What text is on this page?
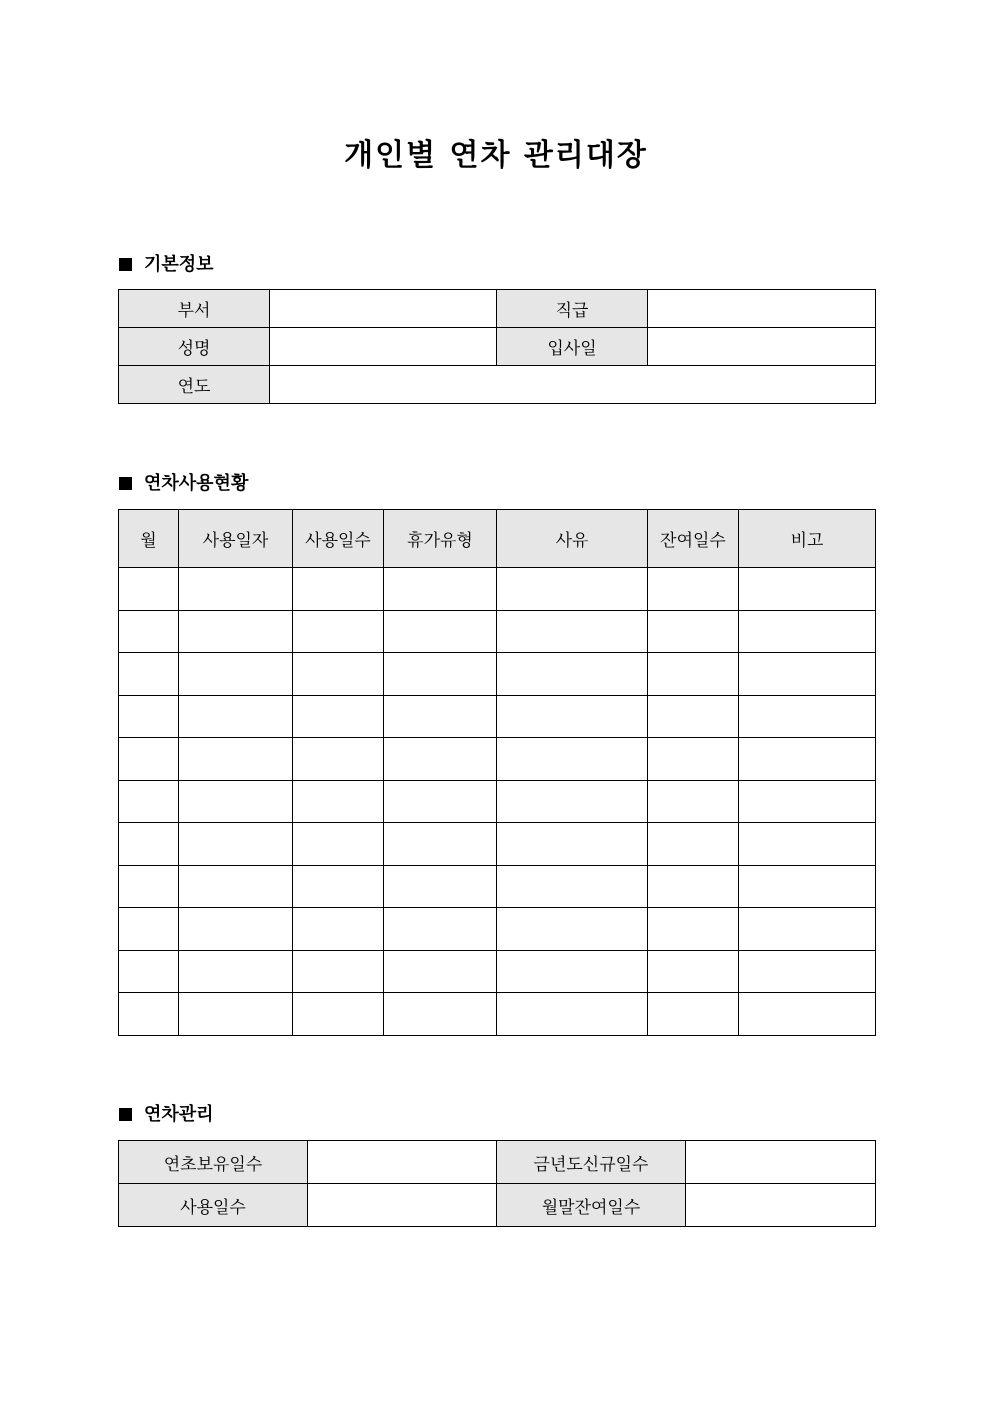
개인별 연차 관리대장
기본정보
부서		직급	
성명		입사일	
연도			
연차사용현황
월	사용일자	사용일수	휴가유형	사유	잔여일수	비고

연차관리
연초보유일수		금년도신규일수	
사용일수		월말잔여일수	
